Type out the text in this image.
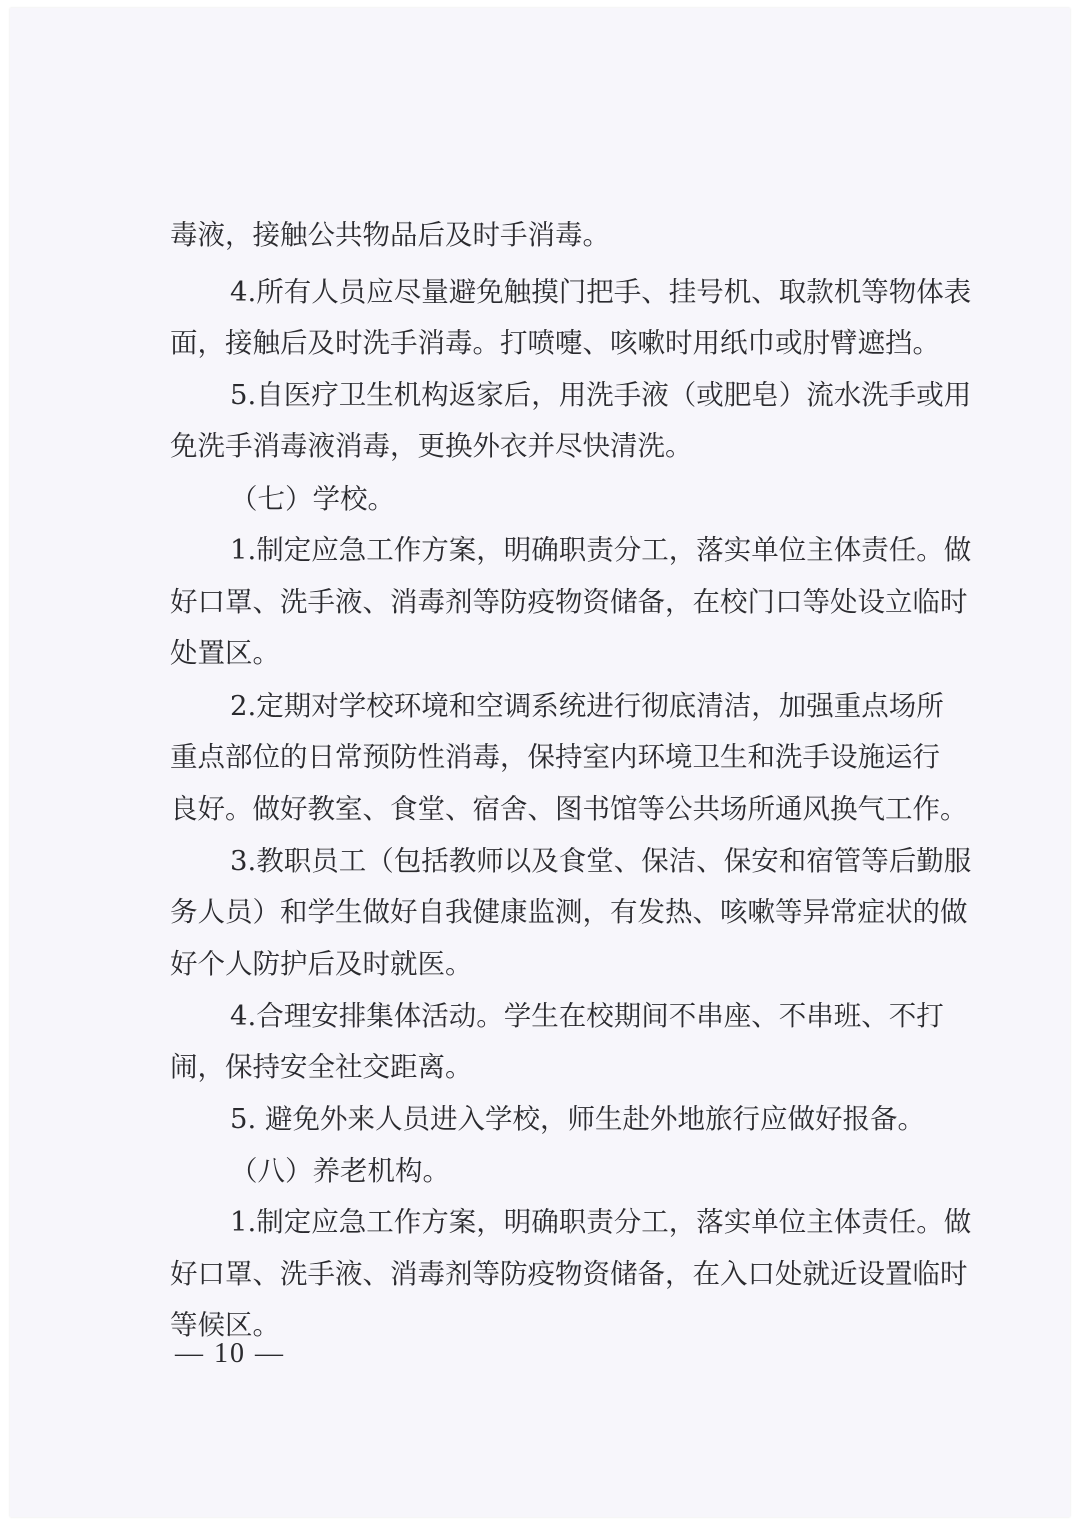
毒液，接触公共物品后及时手消毒。
4 . 所 有 人 员 应 尽 量 避 免 触 摸 门 把 手 、 挂 号 机 、 取 款 机 等 物 体 表
面 ， 接 触 后 及 时 洗 手 消 毒 。 打 喷 嚏 、 咳 嗽 时 用 纸 巾 或 肘 臂 遮 挡 。
5 . 自 医 疗 卫 生 机 构 返 家 后 ， 用 洗 手 液 （ 或 肥 皂 ） 流 水 洗 手 或 用
免洗手消毒液消毒，更换外衣并尽快清洗。
（七）学校。
1 . 制 定 应 急 工 作 方 案 ， 明 确 职 责 分 工 ， 落 实 单 位 主 体 责 任 。 做
好 口 罩 、 洗 手 液 、 消 毒 剂 等 防 疫 物 资 储 备 ， 在 校 门 口 等 处 设 立 临 时
处置区。
2 . 定 期 对 学 校 环 境 和 空 调 系 统 进 行 彻 底 清 洁 ， 加 强 重 点 场 所
重 点 部 位 的 日 常 预 防 性 消 毒 ， 保 持 室 内 环 境 卫 生 和 洗 手 设 施 运 行
良好。做好教室、食堂、宿舍、图书馆等公共场所通风换气工作。
3 . 教 职 员 工 （ 包 括 教 师 以 及 食 堂 、 保 洁 、 保 安 和 宿 管 等 后 勤 服
务 人 员 ） 和 学 生 做 好 自 我 健 康 监 测 ， 有 发 热 、 咳 嗽 等 异 常 症 状 的 做
好个人防护后及时就医。
4 . 合 理 安 排 集 体 活 动 。 学 生 在 校 期 间 不 串 座 、 不 串 班 、 不 打
闹，保持安全社交距离。
5. 避免外来人员进入学校，师生赴外地旅行应做好报备。
（八）养老机构。
1 . 制 定 应 急 工 作 方 案 ， 明 确 职 责 分 工 ， 落 实 单 位 主 体 责 任 。 做
好 口 罩 、 洗 手 液 、 消 毒 剂 等 防 疫 物 资 储 备 ， 在 入 口 处 就 近 设 置 临 时
等候区。
— 10 —
